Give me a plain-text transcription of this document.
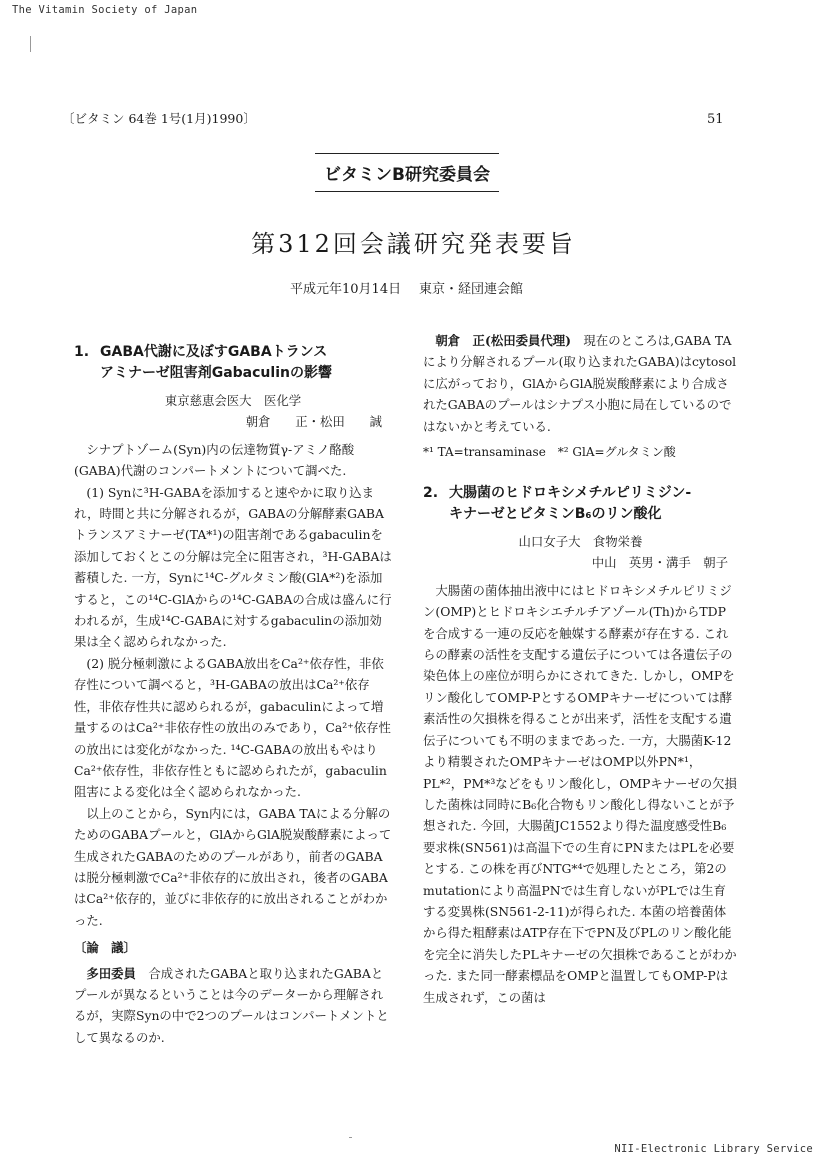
The Vitamin Society of Japan
NII-Electronic Library Service
〔ビタミン 64巻 1号(1月)1990〕	51
ビタミンB研究委員会
第312回会議研究発表要旨
平成元年10月14日 東京・経団連会館
1. GABA代謝に及ぼすGABAトランス
アミナーゼ阻害剤Gabaculinの影響
東京慈恵会医大　医化学
朝倉　　正・松田　　誠

シナプトゾーム(Syn)内の伝達物質γ-アミノ酪酸(GABA)代謝のコンパートメントについて調べた.

(1) Synに³H-GABAを添加すると速やかに取り込まれ，時間と共に分解されるが，GABAの分解酵素GABAトランスアミナーゼ(TA*¹)の阻害剤であるgabaculinを添加しておくとこの分解は完全に阻害され，³H-GABAは蓄積した. 一方，Synに¹⁴C-グルタミン酸(GlA*²)を添加すると，この¹⁴C-GlAからの¹⁴C-GABAの合成は盛んに行われるが，生成¹⁴C-GABAに対するgabaculinの添加効果は全く認められなかった.

(2) 脱分極刺激によるGABA放出をCa²⁺依存性，非依存性について調べると，³H-GABAの放出はCa²⁺依存性，非依存性共に認められるが，gabaculinによって増量するのはCa²⁺非依存性の放出のみであり，Ca²⁺依存性の放出には変化がなかった. ¹⁴C-GABAの放出もやはりCa²⁺依存性，非依存性ともに認められたが，gabaculin阻害による変化は全く認められなかった.

以上のことから，Syn内には，GABA TAによる分解のためのGABAプールと，GlAからGlA脱炭酸酵素によって生成されたGABAのためのプールがあり，前者のGABAは脱分極刺激でCa²⁺非依存的に放出され，後者のGABAはCa²⁺依存的，並びに非依存的に放出されることがわかった.

〔論　議〕

多田委員　 合成されたGABAと取り込まれたGABAとプールが異なるということは今のデーターから理解されるが，実際Synの中で2つのプールはコンパートメントとして異なるのか.

朝倉　正(松田委員代理)　 現在のところは,GABA TAにより分解されるプール(取り込まれたGABA)はcytosolに広がっており，GlAからGlA脱炭酸酵素により合成されたGABAのプールはシナプス小胞に局在しているのではないかと考えている.

*¹ TA=transaminase　*² GlA=グルタミン酸
2. 大腸菌のヒドロキシメチルピリミジン-
キナーゼとビタミンB₆のリン酸化
山口女子大　食物栄養
中山　英男・溝手　朝子

大腸菌の菌体抽出液中にはヒドロキシメチルピリミジン(OMP)とヒドロキシエチルチアゾール(Th)からTDPを合成する一連の反応を触媒する酵素が存在する. これらの酵素の活性を支配する遺伝子については各遺伝子の染色体上の座位が明らかにされてきた. しかし，OMPをリン酸化してOMP-PとするOMPキナーゼについては酵素活性の欠損株を得ることが出来ず，活性を支配する遺伝子についても不明のままであった. 一方，大腸菌K-12より精製されたOMPキナーゼはOMP以外PN*¹，PL*²，PM*³などをもリン酸化し，OMPキナーゼの欠損した菌株は同時にB₆化合物もリン酸化し得ないことが予想された. 今回，大腸菌JC1552より得た温度感受性B₆要求株(SN561)は高温下での生育にPNまたはPLを必要とする. この株を再びNTG*⁴で処理したところ，第2のmutationにより高温PNでは生育しないがPLでは生育する変異株(SN561-2-11)が得られた. 本菌の培養菌体から得た粗酵素はATP存在下でPN及びPLのリン酸化能を完全に消失したPLキナーゼの欠損株であることがわかった. また同一酵素標品をOMPと温置してもOMP-Pは生成されず，この菌は
